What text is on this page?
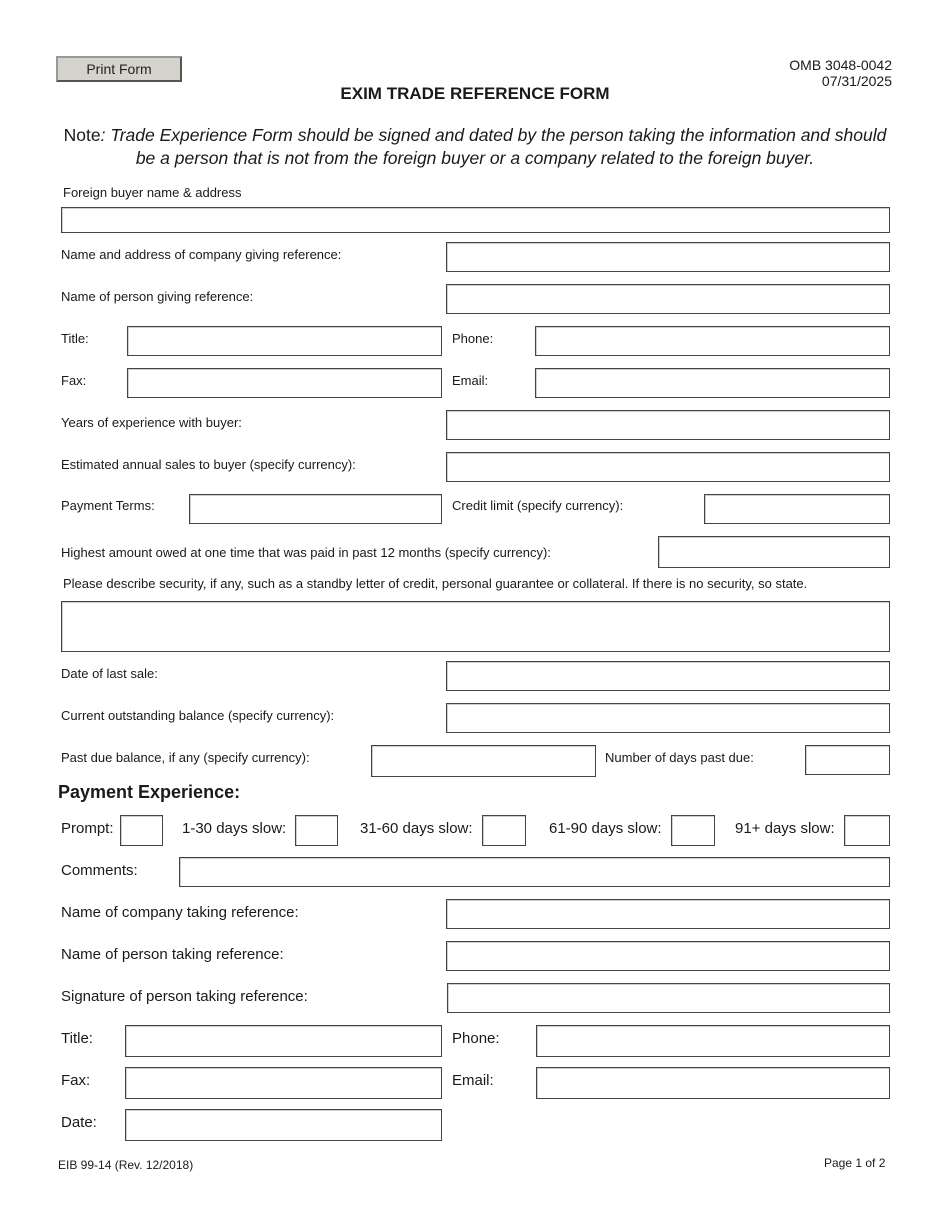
Print Form	OMB 3048-0042
07/31/2025
EXIM TRADE REFERENCE FORM
Note: Trade Experience Form should be signed and dated by the person taking the information and should be a person that is not from the foreign buyer or a company related to the foreign buyer.
Foreign buyer name & address
Name and address of company giving reference:
Name of person giving reference:
Title:	Phone:
Fax:	Email:
Years of experience with buyer:
Estimated annual sales to buyer (specify currency):
Payment Terms:	Credit limit (specify currency):
Highest amount owed at one time that was paid in past 12 months (specify currency):
Please describe security, if any, such as a standby letter of credit, personal guarantee or collateral. If there is no security, so state.
Date of last sale:
Current outstanding balance (specify currency):
Past due balance, if any (specify currency):	Number of days past due:
Payment Experience:
Prompt:	1-30 days slow:	31-60 days slow:	61-90 days slow:	91+ days slow:
Comments:
Name of company taking reference:
Name of person taking reference:
Signature of person taking reference:
Title:	Phone:
Fax:	Email:
Date:
EIB 99-14 (Rev. 12/2018)	Page 1 of 2
